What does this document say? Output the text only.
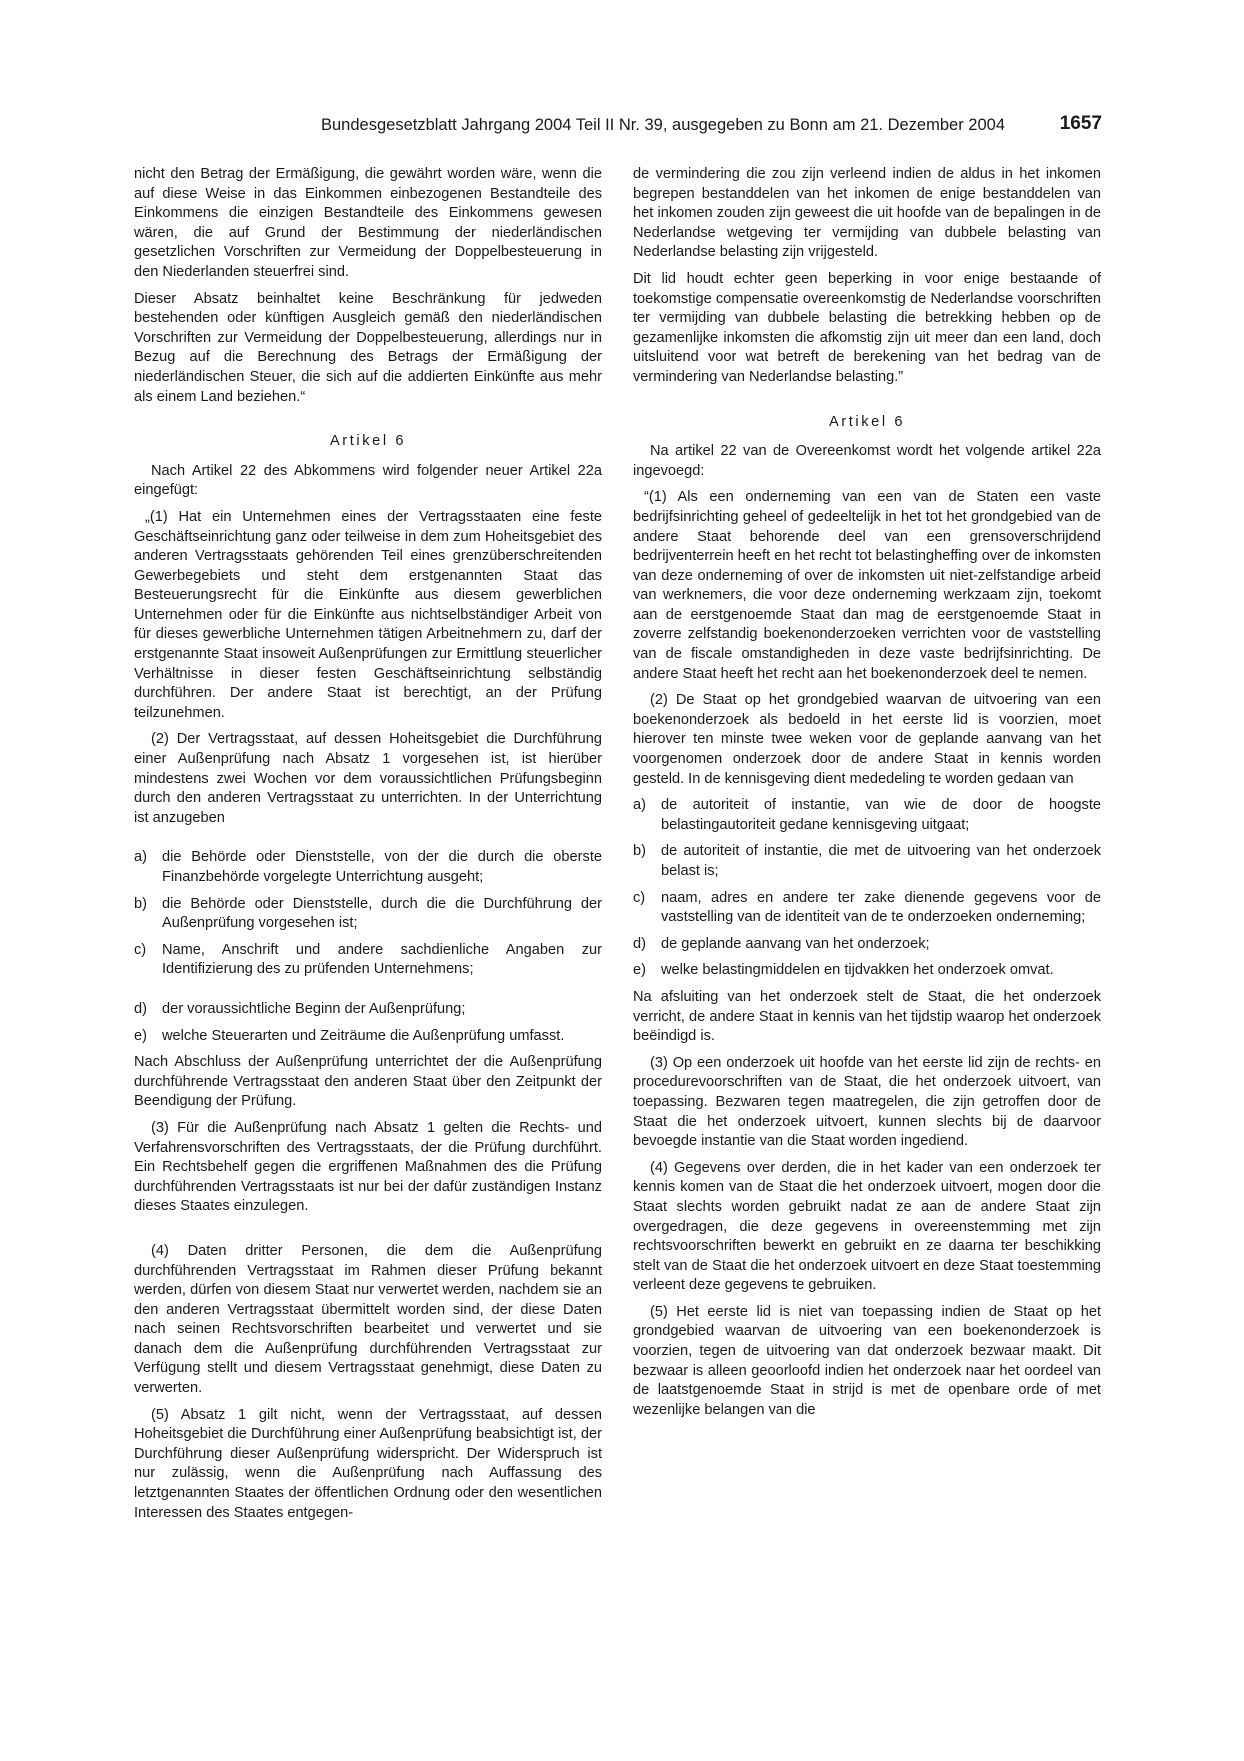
Bundesgesetzblatt Jahrgang 2004 Teil II Nr. 39, ausgegeben zu Bonn am 21. Dezember 2004	1657

nicht den Betrag der Ermäßigung, die gewährt worden wäre, wenn die auf diese Weise in das Einkommen einbezogenen Bestandteile des Einkommens die einzigen Bestandteile des Einkommens gewesen wären, die auf Grund der Bestimmung der niederländischen gesetzlichen Vorschriften zur Vermeidung der Doppelbesteuerung in den Niederlanden steuerfrei sind.

Dieser Absatz beinhaltet keine Beschränkung für jedweden bestehenden oder künftigen Ausgleich gemäß den niederländischen Vorschriften zur Vermeidung der Doppelbesteuerung, allerdings nur in Bezug auf die Berechnung des Betrags der Ermäßigung der niederländischen Steuer, die sich auf die addierten Einkünfte aus mehr als einem Land beziehen.“

Artikel 6

Nach Artikel 22 des Abkommens wird folgender neuer Artikel 22a eingefügt:

„(1) Hat ein Unternehmen eines der Vertragsstaaten eine feste Geschäftseinrichtung ganz oder teilweise in dem zum Hoheitsgebiet des anderen Vertragsstaats gehörenden Teil eines grenzüberschreitenden Gewerbegebiets und steht dem erstgenannten Staat das Besteuerungsrecht für die Einkünfte aus diesem gewerblichen Unternehmen oder für die Einkünfte aus nichtselbständiger Arbeit von für dieses gewerbliche Unternehmen tätigen Arbeitnehmern zu, darf der erstgenannte Staat insoweit Außenprüfungen zur Ermittlung steuerlicher Verhältnisse in dieser festen Geschäftseinrichtung selbständig durchführen. Der andere Staat ist berechtigt, an der Prüfung teilzunehmen.

(2) Der Vertragsstaat, auf dessen Hoheitsgebiet die Durchführung einer Außenprüfung nach Absatz 1 vorgesehen ist, ist hierüber mindestens zwei Wochen vor dem voraussichtlichen Prüfungsbeginn durch den anderen Vertragsstaat zu unterrichten. In der Unterrichtung ist anzugeben

a)	die Behörde oder Dienststelle, von der die durch die oberste Finanzbehörde vorgelegte Unterrichtung ausgeht;
b)	die Behörde oder Dienststelle, durch die die Durchführung der Außenprüfung vorgesehen ist;
c)	Name, Anschrift und andere sachdienliche Angaben zur Identifizierung des zu prüfenden Unternehmens;
d)	der voraussichtliche Beginn der Außenprüfung;
e)	welche Steuerarten und Zeiträume die Außenprüfung umfasst.

Nach Abschluss der Außenprüfung unterrichtet der die Außenprüfung durchführende Vertragsstaat den anderen Staat über den Zeitpunkt der Beendigung der Prüfung.

(3) Für die Außenprüfung nach Absatz 1 gelten die Rechts- und Verfahrensvorschriften des Vertragsstaats, der die Prüfung durchführt. Ein Rechtsbehelf gegen die ergriffenen Maßnahmen des die Prüfung durchführenden Vertragsstaats ist nur bei der dafür zuständigen Instanz dieses Staates einzulegen.

(4) Daten dritter Personen, die dem die Außenprüfung durchführenden Vertragsstaat im Rahmen dieser Prüfung bekannt werden, dürfen von diesem Staat nur verwertet werden, nachdem sie an den anderen Vertragsstaat übermittelt worden sind, der diese Daten nach seinen Rechtsvorschriften bearbeitet und verwertet und sie danach dem die Außenprüfung durchführenden Vertragsstaat zur Verfügung stellt und diesem Vertragsstaat genehmigt, diese Daten zu verwerten.

(5) Absatz 1 gilt nicht, wenn der Vertragsstaat, auf dessen Hoheitsgebiet die Durchführung einer Außenprüfung beabsichtigt ist, der Durchführung dieser Außenprüfung widerspricht. Der Widerspruch ist nur zulässig, wenn die Außenprüfung nach Auffassung des letztgenannten Staates der öffentlichen Ordnung oder den wesentlichen Interessen des Staates entgegen-

de vermindering die zou zijn verleend indien de aldus in het inkomen begrepen bestanddelen van het inkomen de enige bestanddelen van het inkomen zouden zijn geweest die uit hoofde van de bepalingen in de Nederlandse wetgeving ter vermijding van dubbele belasting van Nederlandse belasting zijn vrijgesteld.

Dit lid houdt echter geen beperking in voor enige bestaande of toekomstige compensatie overeenkomstig de Nederlandse voorschriften ter vermijding van dubbele belasting die betrekking hebben op de gezamenlijke inkomsten die afkomstig zijn uit meer dan een land, doch uitsluitend voor wat betreft de berekening van het bedrag van de vermindering van Nederlandse belasting.”

Artikel 6

Na artikel 22 van de Overeenkomst wordt het volgende artikel 22a ingevoegd:

“(1) Als een onderneming van een van de Staten een vaste bedrijfsinrichting geheel of gedeeltelijk in het tot het grondgebied van de andere Staat behorende deel van een grensoverschrijdend bedrijventerrein heeft en het recht tot belastingheffing over de inkomsten van deze onderneming of over de inkomsten uit niet-zelfstandige arbeid van werknemers, die voor deze onderneming werkzaam zijn, toekomt aan de eerstgenoemde Staat dan mag de eerstgenoemde Staat in zoverre zelfstandig boekenonderzoeken verrichten voor de vaststelling van de fiscale omstandigheden in deze vaste bedrijfsinrichting. De andere Staat heeft het recht aan het boekenonderzoek deel te nemen.

(2) De Staat op het grondgebied waarvan de uitvoering van een boekenonderzoek als bedoeld in het eerste lid is voorzien, moet hierover ten minste twee weken voor de geplande aanvang van het voorgenomen onderzoek door de andere Staat in kennis worden gesteld. In de kennisgeving dient mededeling te worden gedaan van

a)	de autoriteit of instantie, van wie de door de hoogste belastingautoriteit gedane kennisgeving uitgaat;
b)	de autoriteit of instantie, die met de uitvoering van het onderzoek belast is;
c)	naam, adres en andere ter zake dienende gegevens voor de vaststelling van de identiteit van de te onderzoeken onderneming;
d)	de geplande aanvang van het onderzoek;
e)	welke belastingmiddelen en tijdvakken het onderzoek omvat.

Na afsluiting van het onderzoek stelt de Staat, die het onderzoek verricht, de andere Staat in kennis van het tijdstip waarop het onderzoek beëindigd is.

(3) Op een onderzoek uit hoofde van het eerste lid zijn de rechts- en procedurevoorschriften van de Staat, die het onderzoek uitvoert, van toepassing. Bezwaren tegen maatregelen, die zijn getroffen door de Staat die het onderzoek uitvoert, kunnen slechts bij de daarvoor bevoegde instantie van die Staat worden ingediend.

(4) Gegevens over derden, die in het kader van een onderzoek ter kennis komen van de Staat die het onderzoek uitvoert, mogen door die Staat slechts worden gebruikt nadat ze aan de andere Staat zijn overgedragen, die deze gegevens in overeenstemming met zijn rechtsvoorschriften bewerkt en gebruikt en ze daarna ter beschikking stelt van de Staat die het onderzoek uitvoert en deze Staat toestemming verleent deze gegevens te gebruiken.

(5) Het eerste lid is niet van toepassing indien de Staat op het grondgebied waarvan de uitvoering van een boekenonderzoek is voorzien, tegen de uitvoering van dat onderzoek bezwaar maakt. Dit bezwaar is alleen geoorloofd indien het onderzoek naar het oordeel van de laatstgenoemde Staat in strijd is met de openbare orde of met wezenlijke belangen van die
